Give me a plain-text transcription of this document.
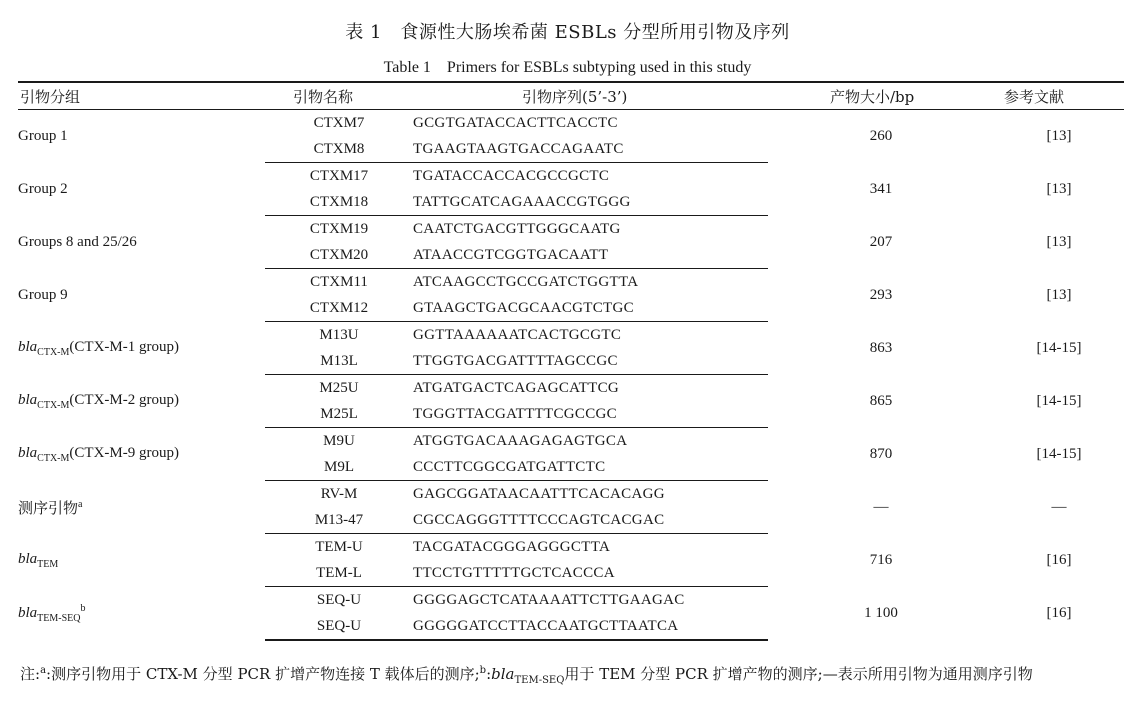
表 1　食源性大肠埃希菌 ESBLs 分型所用引物及序列
Table 1　Primers for ESBLs subtyping used in this study
引物分组	引物名称	引物序列(5’-3’)	产物大小/bp	参考文献
Group 1	CTXM7	GCGTGATACCACTTCACCTC	260	[13]
	CTXM8	TGAAGTAAGTGACCAGAATC		
Group 2	CTXM17	TGATACCACCACGCCGCTC	341	[13]
	CTXM18	TATTGCATCAGAAACCGTGGG		
Groups 8 and 25/26	CTXM19	CAATCTGACGTTGGGCAATG	207	[13]
	CTXM20	ATAACCGTCGGTGACAATT		
Group 9	CTXM11	ATCAAGCCTGCCGATCTGGTTA	293	[13]
	CTXM12	GTAAGCTGACGCAACGTCTGC		
bla$_{CTX-M}$(CTX-M-1 group)	M13U	GGTTAAAAAATCACTGCGTC	863	[14-15]
	M13L	TTGGTGACGATTTTAGCCGC		
bla$_{CTX-M}$(CTX-M-2 group)	M25U	ATGATGACTCAGAGCATTCG	865	[14-15]
	M25L	TGGGTTACGATTTTCGCCGC		
bla$_{CTX-M}$(CTX-M-9 group)	M9U	ATGGTGACAAAGAGAGTGCA	870	[14-15]
	M9L	CCCTTCGGCGATGATTCTC		
测序引物$^a$	RV-M	GAGCGGATAACAATTTCACACAGG	—	—
	M13-47	CGCCAGGGTTTTCCCAGTCACGAC		
bla$_{TEM}$	TEM-U	TACGATACGGGAGGGCTTA	716	[16]
	TEM-L	TTCCTGTTTTTGCTCACCCA		
bla$_{TEM-SEQ}^b$	SEQ-U	GGGGAGCTCATAAAATTCTTGAAGAC	1 100	[16]
	SEQ-U	GGGGGATCCTTACCAATGCTTAATCA		
注:$^a$:测序引物用于 CTX-M 分型 PCR 扩增产物连接 T 载体后的测序;$^b$:bla$_{TEM-SEQ}$用于 TEM 分型 PCR 扩增产物的测序;—表示所用引物为通用测序引物
